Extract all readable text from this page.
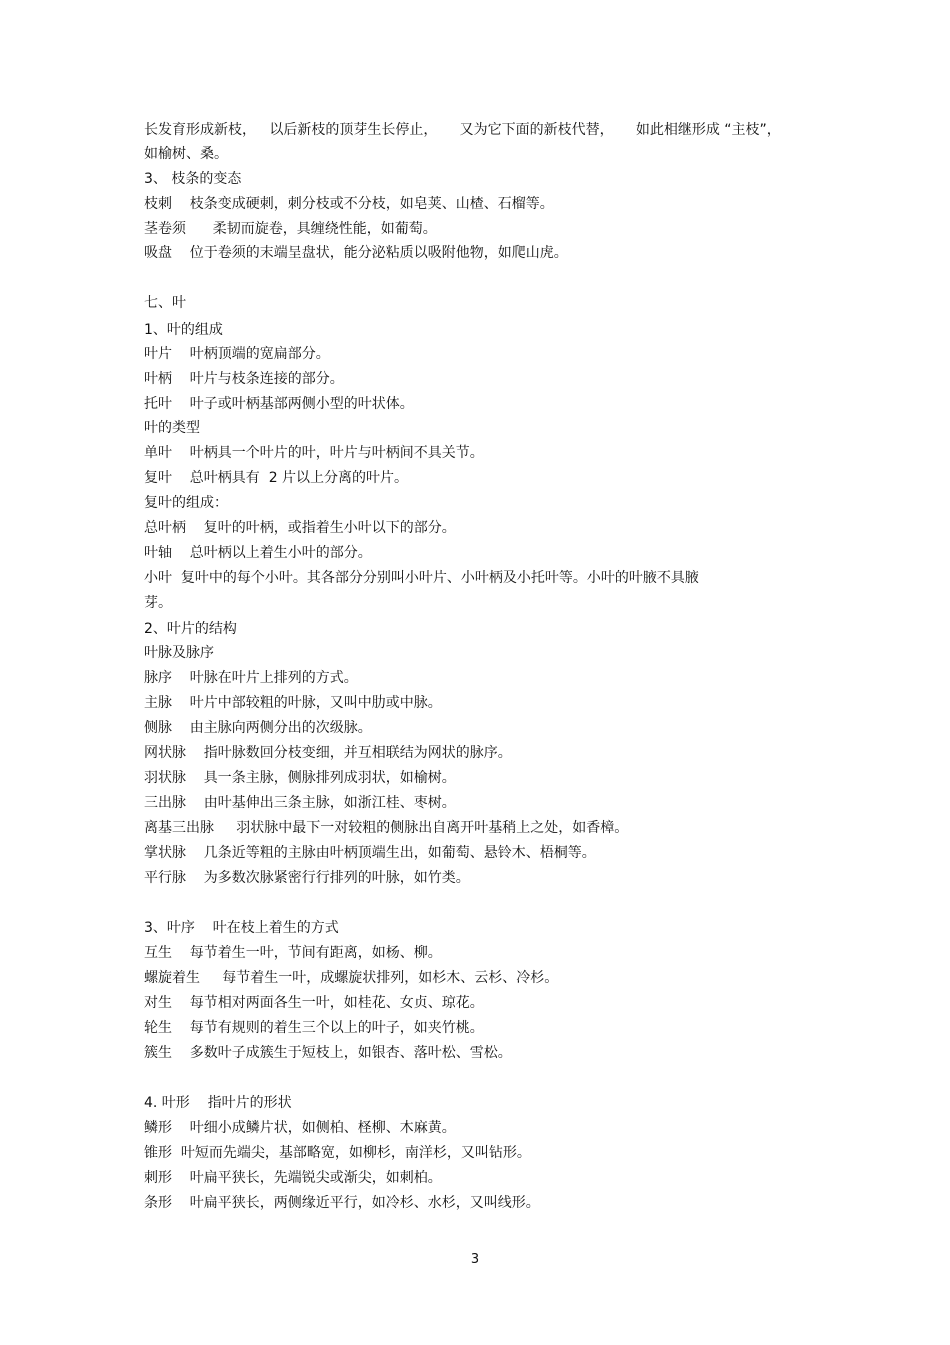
长发育形成新枝，   以后新枝的顶芽生长停止，     又为它下面的新枝代替，     如此相继形成 “主枝”，
如榆树、桑。
3、 枝条的变态
枝刺    枝条变成硬刺，刺分枝或不分枝，如皂荚、山楂、石榴等。
茎卷须      柔韧而旋卷，具缠绕性能，如葡萄。
吸盘    位于卷须的末端呈盘状，能分泌粘质以吸附他物，如爬山虎。
七、叶
1、叶的组成
叶片    叶柄顶端的宽扁部分。
叶柄    叶片与枝条连接的部分。
托叶    叶子或叶柄基部两侧小型的叶状体。
叶的类型
单叶    叶柄具一个叶片的叶，叶片与叶柄间不具关节。
复叶    总叶柄具有  2 片以上分离的叶片。
复叶的组成：
总叶柄    复叶的叶柄，或指着生小叶以下的部分。
叶轴    总叶柄以上着生小叶的部分。
小叶  复叶中的每个小叶。其各部分分别叫小叶片、小叶柄及小托叶等。小叶的叶腋不具腋
芽。
2、叶片的结构
叶脉及脉序
脉序    叶脉在叶片上排列的方式。
主脉    叶片中部较粗的叶脉，又叫中肋或中脉。
侧脉    由主脉向两侧分出的次级脉。
网状脉    指叶脉数回分枝变细，并互相联结为网状的脉序。
羽状脉    具一条主脉，侧脉排列成羽状，如榆树。
三出脉    由叶基伸出三条主脉，如浙江桂、枣树。
离基三出脉     羽状脉中最下一对较粗的侧脉出自离开叶基稍上之处，如香樟。
掌状脉    几条近等粗的主脉由叶柄顶端生出，如葡萄、悬铃木、梧桐等。
平行脉    为多数次脉紧密行行排列的叶脉，如竹类。
3、叶序    叶在枝上着生的方式
互生    每节着生一叶，节间有距离，如杨、柳。
螺旋着生     每节着生一叶，成螺旋状排列，如杉木、云杉、冷杉。
对生    每节相对两面各生一叶，如桂花、女贞、琼花。
轮生    每节有规则的着生三个以上的叶子，如夹竹桃。
簇生    多数叶子成簇生于短枝上，如银杏、落叶松、雪松。
4. 叶形    指叶片的形状
鳞形    叶细小成鳞片状，如侧柏、柽柳、木麻黄。
锥形  叶短而先端尖，基部略宽，如柳杉，南洋杉，又叫钻形。
刺形    叶扁平狭长，先端锐尖或渐尖，如刺柏。
条形    叶扁平狭长，两侧缘近平行，如冷杉、水杉，又叫线形。
3
